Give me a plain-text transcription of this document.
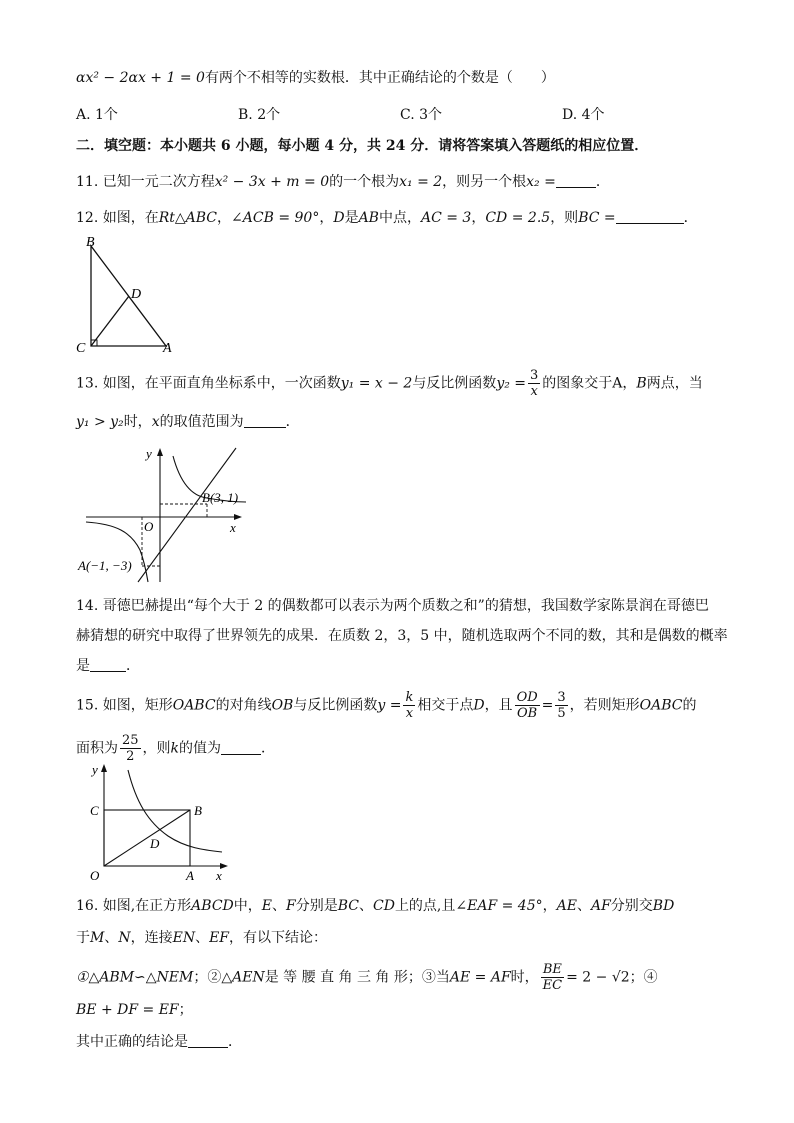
αx² − 2αx + 1 = 0有两个不相等的实数根．其中正确结论的个数是（　　）
A. 1个	B. 2个	C. 3个	D. 4个
二．填空题：本小题共 6 小题，每小题 4 分，共 24 分．请将答案填入答题纸的相应位置．
11. 已知一元二次方程x² − 3x + m = 0的一个根为x₁ = 2，则另一个根x₂ =	．
12. 如图，在Rt△ABC，∠ACB = 90°，D是AB中点，AC = 3，CD = 2.5，则BC =	．
B
D
C	A
13. 如图，在平面直角坐标系中，一次函数y₁ = x − 2与反比例函数$y_2 = \frac{3}{x}$ 的图象交于A，B两点，当
y₁ > y₂时，x的取值范围为	．
y
x
O
B(3, 1)
A(−1, −3)
14. 哥德巴赫提出“每个大于 2 的偶数都可以表示为两个质数之和”的猜想，我国数学家陈景润在哥德巴
赫猜想的研究中取得了世界领先的成果．在质数 2，3，5 中，随机选取两个不同的数，其和是偶数的概率
是	．
15. 如图，矩形OABC的对角线OB与反比例函数$y = \frac{k}{x}$ 相交于点D，且 $\frac{OD}{OB} = \frac{3}{5}$ ，若则矩形OABC的
面积为 $\frac{25}{2}$ ，则k的值为	．
y
C	B
D
O	A x
16. 如图,在正方形ABCD中，E、F分别是BC、CD上的点,且∠EAF = 45°，AE、AF分别交BD
于M、N，连接EN、EF，有以下结论：
①△ABM∽△NEM；②△AEN是 等 腰 直 角 三 角 形；③当AE = AF时， $\frac{BE}{EC} = 2 - √2$；④
BE + DF = EF；
其中正确的结论是	．
